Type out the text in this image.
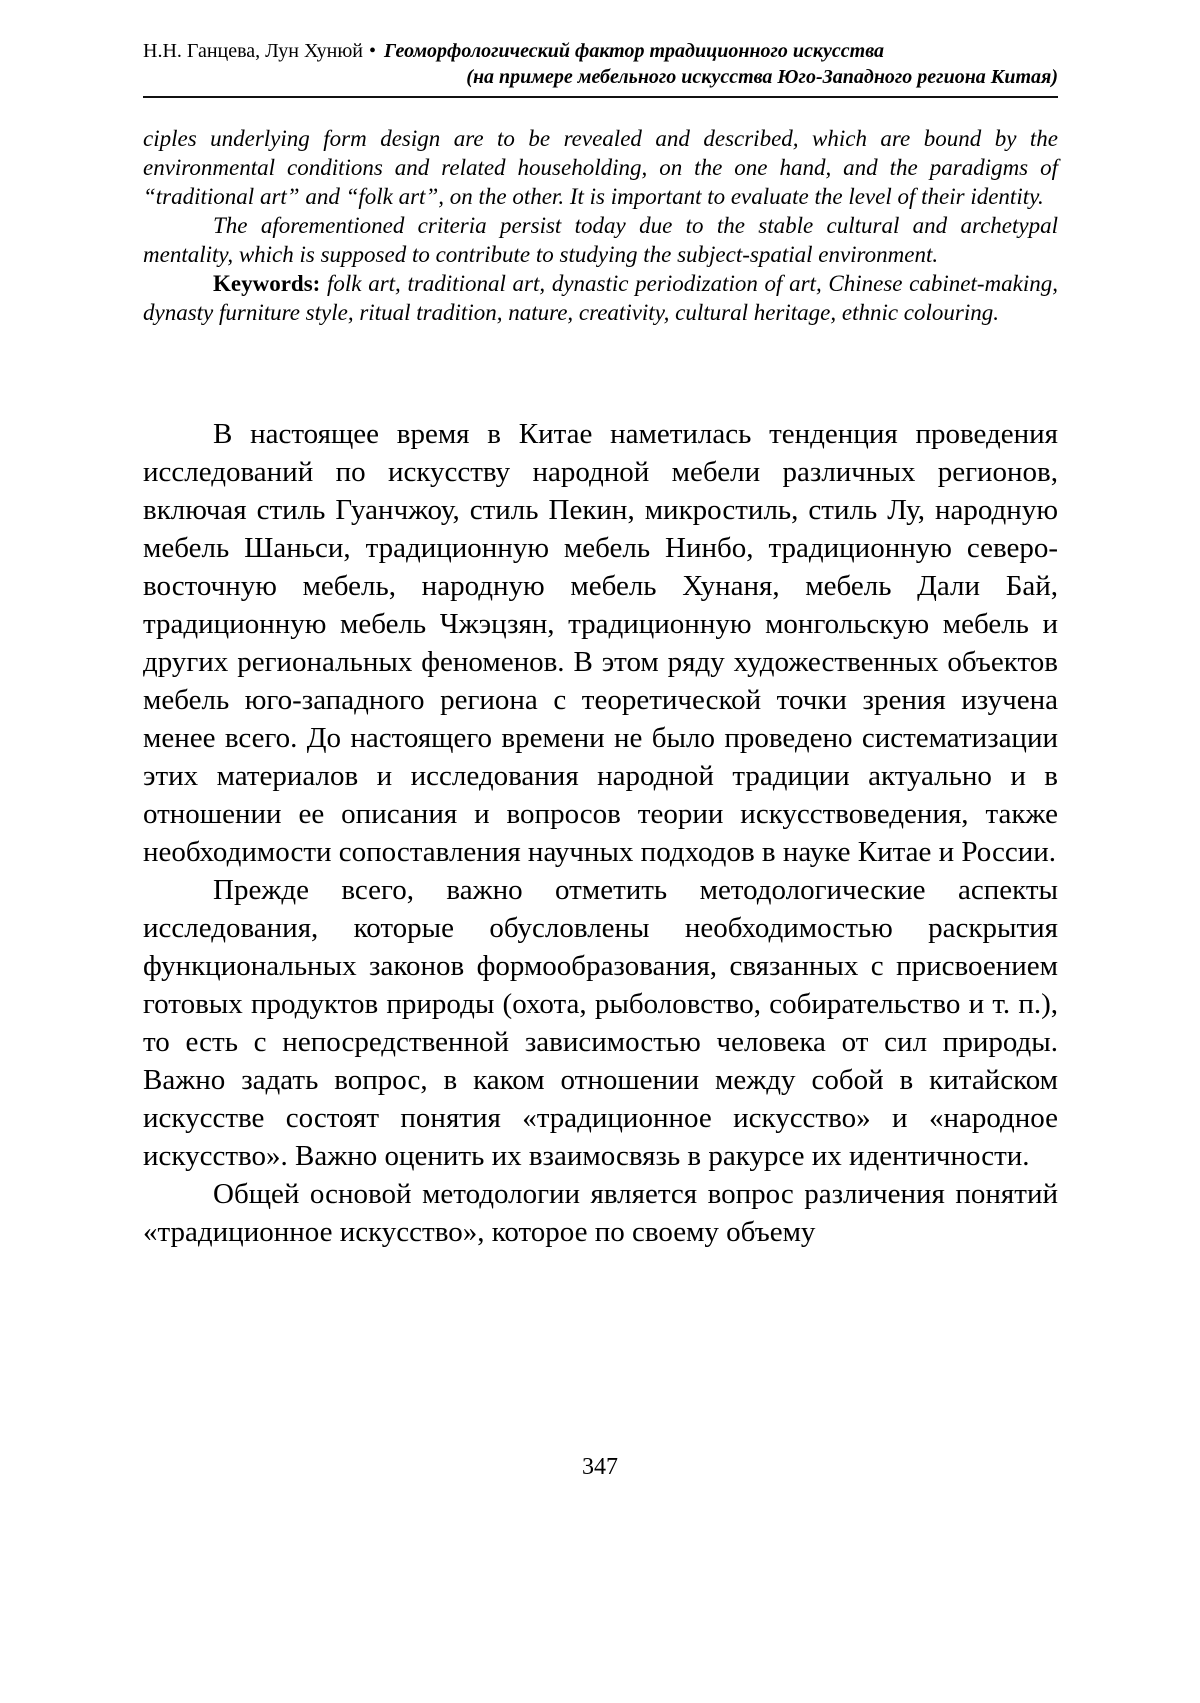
Н.Н. Ганцева, Лун Хунюй • Геоморфологический фактор традиционного искусства
(на примере мебельного искусства Юго-Западного региона Китая)

ciples underlying form design are to be revealed and described, which are bound by the environmental conditions and related householding, on the one hand, and the paradigms of “traditional art” and “folk art”, on the other. It is important to evaluate the level of their identity.

The aforementioned criteria persist today due to the stable cultural and archetypal mentality, which is supposed to contribute to studying the subject-spatial environment.

Keywords: folk art, traditional art, dynastic periodization of art, Chinese cabinet-making, dynasty furniture style, ritual tradition, nature, creativity, cultural heritage, ethnic colouring.

В настоящее время в Китае наметилась тенденция проведения исследований по искусству народной мебели различных регионов, включая стиль Гуанчжоу, стиль Пекин, микростиль, стиль Лу, народную мебель Шаньси, традиционную мебель Нинбо, традиционную северо-восточную мебель, народную мебель Хунаня, мебель Дали Бай, традиционную мебель Чжэцзян, традиционную монгольскую мебель и других региональных феноменов. В этом ряду художественных объектов мебель юго-западного региона с теоретической точки зрения изучена менее всего. До настоящего времени не было проведено систематизации этих материалов и исследования народной традиции актуально и в отношении ее описания и вопросов теории искусствоведения, также необходимости сопоставления научных подходов в науке Китае и России.

Прежде всего, важно отметить методологические аспекты исследования, которые обусловлены необходимостью раскрытия функциональных законов формообразования, связанных с присвоением готовых продуктов природы (охота, рыболовство, собирательство и т. п.), то есть с непосредственной зависимостью человека от сил природы. Важно задать вопрос, в каком отношении между собой в китайском искусстве состоят понятия «традиционное искусство» и «народное искусство». Важно оценить их взаимосвязь в ракурсе их идентичности.

Общей основой методологии является вопрос различения понятий «традиционное искусство», которое по своему объему

347
